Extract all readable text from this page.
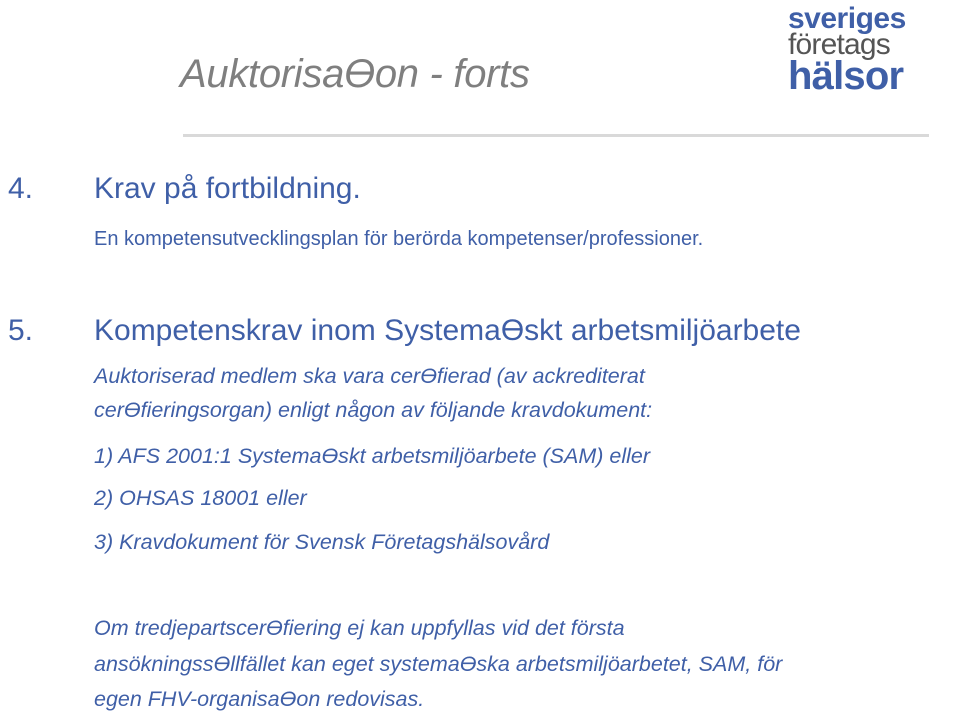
AuktorisaƟon - forts
sveriges
företags
hälsor
4. Krav på fortbildning.

En kompetensutvecklingsplan för berörda kompetenser/professioner.

5. Kompetenskrav inom SystemaƟskt arbetsmiljöarbete

Auktoriserad medlem ska vara cerƟﬁerad (av ackrediterat

cerƟﬁeringsorgan) enligt någon av följande kravdokument:

1) AFS 2001:1 SystemaƟskt arbetsmiljöarbete (SAM) eller

2) OHSAS 18001 eller

3) Kravdokument för Svensk Företagshälsovård

Om tredjepartscerƟﬁering ej kan uppfyllas vid det första

ansökningssƟllfället kan eget systemaƟska arbetsmiljöarbetet, SAM, för

egen FHV-organisaƟon redovisas.
